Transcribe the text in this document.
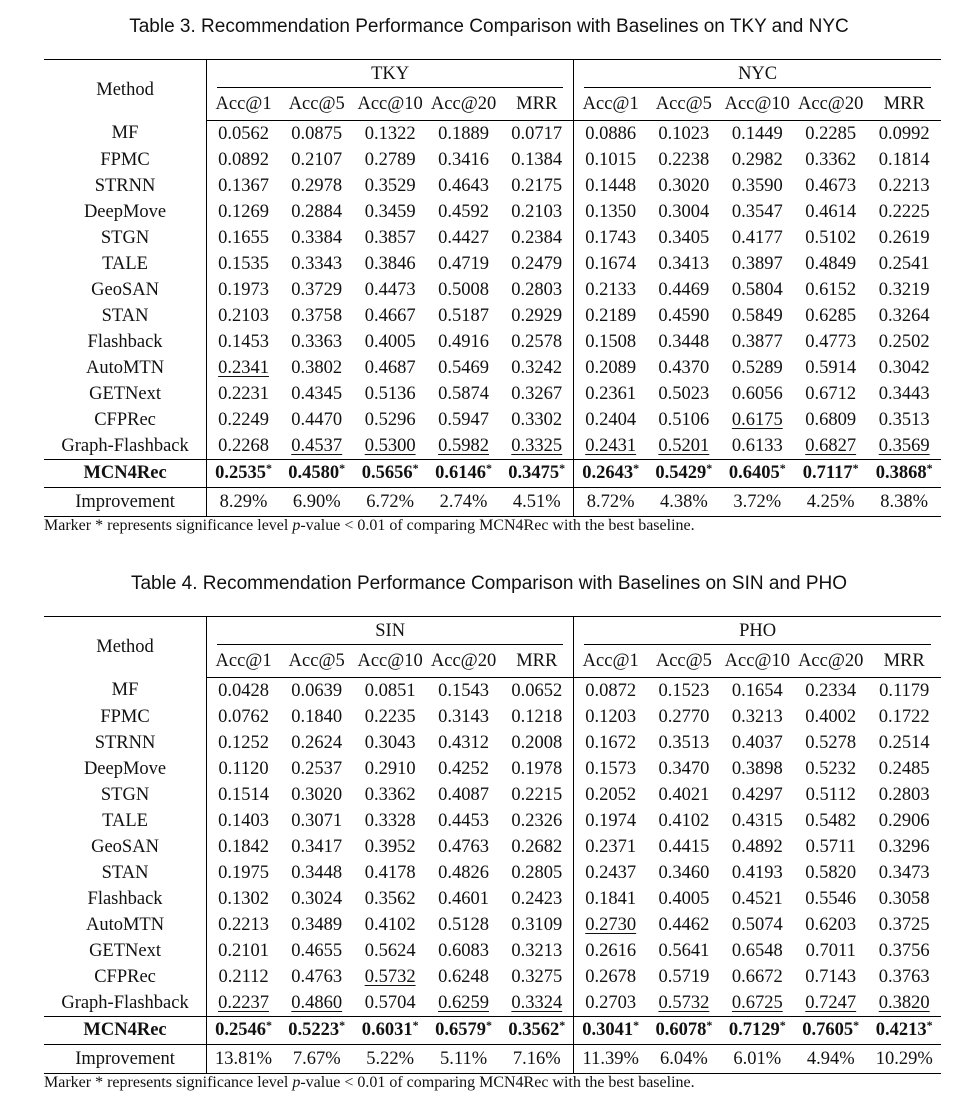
Table 3. Recommendation Performance Comparison with Baselines on TKY and NYC
Method	TKY					NYC				

	Acc@1	Acc@5	Acc@10	Acc@20	MRR	Acc@1	Acc@5	Acc@10	Acc@20	MRR
MF	0.0562	0.0875	0.1322	0.1889	0.0717	0.0886	0.1023	0.1449	0.2285	0.0992
FPMC	0.0892	0.2107	0.2789	0.3416	0.1384	0.1015	0.2238	0.2982	0.3362	0.1814
STRNN	0.1367	0.2978	0.3529	0.4643	0.2175	0.1448	0.3020	0.3590	0.4673	0.2213
DeepMove	0.1269	0.2884	0.3459	0.4592	0.2103	0.1350	0.3004	0.3547	0.4614	0.2225
STGN	0.1655	0.3384	0.3857	0.4427	0.2384	0.1743	0.3405	0.4177	0.5102	0.2619
TALE	0.1535	0.3343	0.3846	0.4719	0.2479	0.1674	0.3413	0.3897	0.4849	0.2541
GeoSAN	0.1973	0.3729	0.4473	0.5008	0.2803	0.2133	0.4469	0.5804	0.6152	0.3219
STAN	0.2103	0.3758	0.4667	0.5187	0.2929	0.2189	0.4590	0.5849	0.6285	0.3264
Flashback	0.1453	0.3363	0.4005	0.4916	0.2578	0.1508	0.3448	0.3877	0.4773	0.2502
AutoMTN	0.2341	0.3802	0.4687	0.5469	0.3242	0.2089	0.4370	0.5289	0.5914	0.3042
GETNext	0.2231	0.4345	0.5136	0.5874	0.3267	0.2361	0.5023	0.6056	0.6712	0.3443
CFPRec	0.2249	0.4470	0.5296	0.5947	0.3302	0.2404	0.5106	0.6175	0.6809	0.3513
Graph-Flashback	0.2268	0.4537	0.5300	0.5982	0.3325	0.2431	0.5201	0.6133	0.6827	0.3569
MCN4Rec	0.2535*	0.4580*	0.5656*	0.6146*	0.3475*	0.2643*	0.5429*	0.6405*	0.7117*	0.3868*
Improvement	8.29%	6.90%	6.72%	2.74%	4.51%	8.72%	4.38%	3.72%	4.25%	8.38%
Marker * represents significance level p-value < 0.01 of comparing MCN4Rec with the best baseline.
Table 4. Recommendation Performance Comparison with Baselines on SIN and PHO
Method	SIN					PHO				

	Acc@1	Acc@5	Acc@10	Acc@20	MRR	Acc@1	Acc@5	Acc@10	Acc@20	MRR
MF	0.0428	0.0639	0.0851	0.1543	0.0652	0.0872	0.1523	0.1654	0.2334	0.1179
FPMC	0.0762	0.1840	0.2235	0.3143	0.1218	0.1203	0.2770	0.3213	0.4002	0.1722
STRNN	0.1252	0.2624	0.3043	0.4312	0.2008	0.1672	0.3513	0.4037	0.5278	0.2514
DeepMove	0.1120	0.2537	0.2910	0.4252	0.1978	0.1573	0.3470	0.3898	0.5232	0.2485
STGN	0.1514	0.3020	0.3362	0.4087	0.2215	0.2052	0.4021	0.4297	0.5112	0.2803
TALE	0.1403	0.3071	0.3328	0.4453	0.2326	0.1974	0.4102	0.4315	0.5482	0.2906
GeoSAN	0.1842	0.3417	0.3952	0.4763	0.2682	0.2371	0.4415	0.4892	0.5711	0.3296
STAN	0.1975	0.3448	0.4178	0.4826	0.2805	0.2437	0.3460	0.4193	0.5820	0.3473
Flashback	0.1302	0.3024	0.3562	0.4601	0.2423	0.1841	0.4005	0.4521	0.5546	0.3058
AutoMTN	0.2213	0.3489	0.4102	0.5128	0.3109	0.2730	0.4462	0.5074	0.6203	0.3725
GETNext	0.2101	0.4655	0.5624	0.6083	0.3213	0.2616	0.5641	0.6548	0.7011	0.3756
CFPRec	0.2112	0.4763	0.5732	0.6248	0.3275	0.2678	0.5719	0.6672	0.7143	0.3763
Graph-Flashback	0.2237	0.4860	0.5704	0.6259	0.3324	0.2703	0.5732	0.6725	0.7247	0.3820
MCN4Rec	0.2546*	0.5223*	0.6031*	0.6579*	0.3562*	0.3041*	0.6078*	0.7129*	0.7605*	0.4213*
Improvement	13.81%	7.67%	5.22%	5.11%	7.16%	11.39%	6.04%	6.01%	4.94%	10.29%
Marker * represents significance level p-value < 0.01 of comparing MCN4Rec with the best baseline.
